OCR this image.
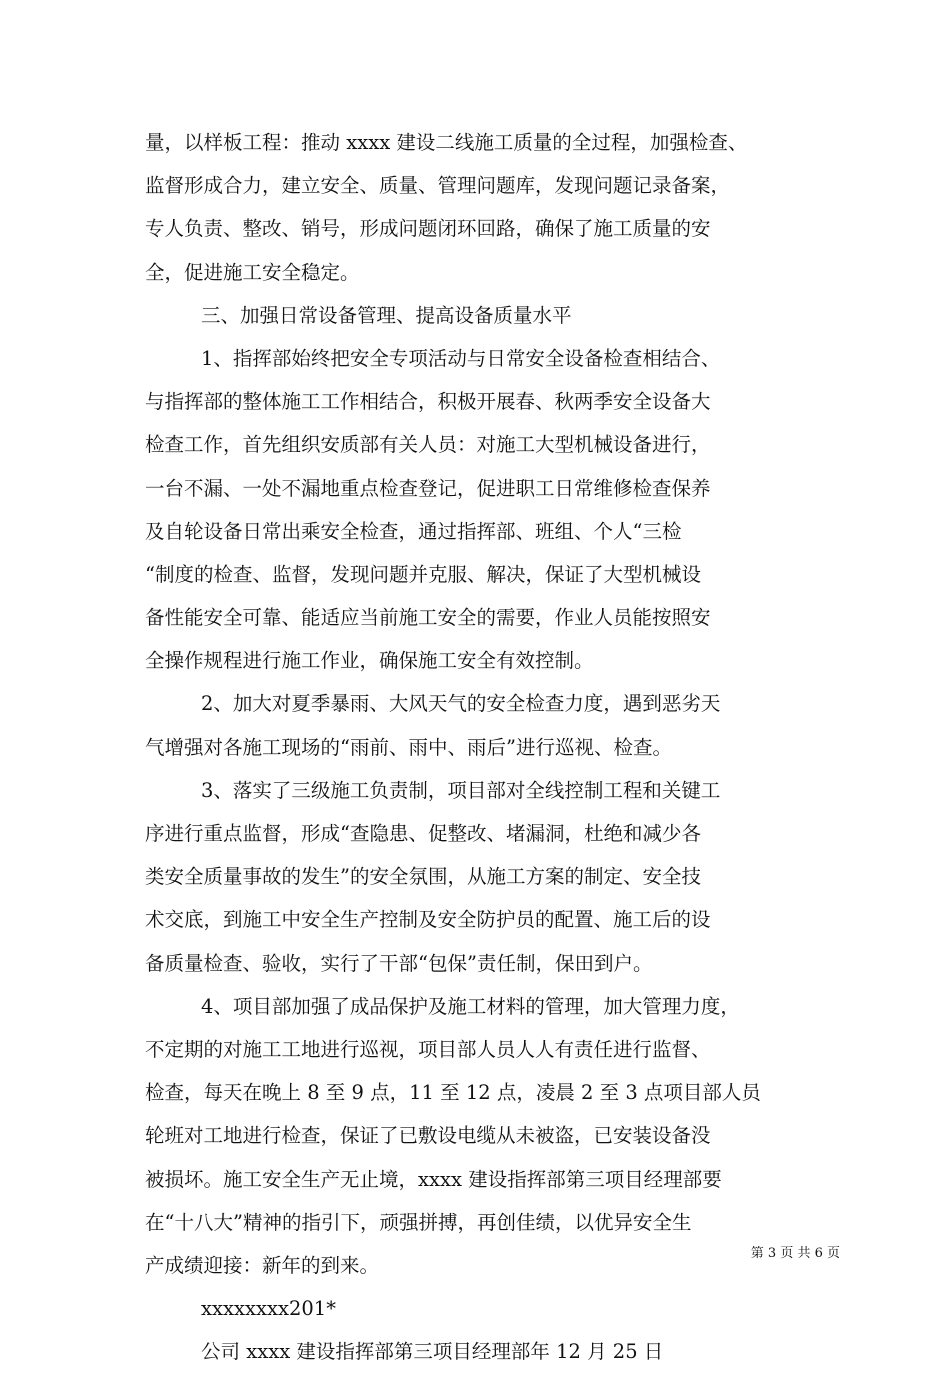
量，以样板工程：推动 xxxx 建设二线施工质量的全过程，加强检查、
监督形成合力，建立安全、质量、管理问题库，发现问题记录备案，
专人负责、整改、销号，形成问题闭环回路，确保了施工质量的安
全，促进施工安全稳定。
三、加强日常设备管理、提高设备质量水平
1、指挥部始终把安全专项活动与日常安全设备检查相结合、
与指挥部的整体施工工作相结合，积极开展春、秋两季安全设备大
检查工作，首先组织安质部有关人员：对施工大型机械设备进行，
一台不漏、一处不漏地重点检查登记，促进职工日常维修检查保养
及自轮设备日常出乘安全检查，通过指挥部、班组、个人“三检
“制度的检查、监督，发现问题并克服、解决，保证了大型机械设
备性能安全可靠、能适应当前施工安全的需要，作业人员能按照安
全操作规程进行施工作业，确保施工安全有效控制。
2、加大对夏季暴雨、大风天气的安全检查力度，遇到恶劣天
气增强对各施工现场的“雨前、雨中、雨后”进行巡视、检查。
3、落实了三级施工负责制，项目部对全线控制工程和关键工
序进行重点监督，形成“查隐患、促整改、堵漏洞，杜绝和减少各
类安全质量事故的发生”的安全氛围，从施工方案的制定、安全技
术交底，到施工中安全生产控制及安全防护员的配置、施工后的设
备质量检查、验收，实行了干部“包保”责任制，保田到户。
4、项目部加强了成品保护及施工材料的管理，加大管理力度，
不定期的对施工工地进行巡视，项目部人员人人有责任进行监督、
检查，每天在晚上 8 至 9 点，11 至 12 点，凌晨 2 至 3 点项目部人员
轮班对工地进行检查，保证了已敷设电缆从未被盗，已安装设备没
被损坏。施工安全生产无止境，xxxx 建设指挥部第三项目经理部要
在“十八大”精神的指引下，顽强拼搏，再创佳绩，以优异安全生
产成绩迎接：新年的到来。
xxxxxxxx201*
公司 xxxx 建设指挥部第三项目经理部年 12 月 25 日
第 3 页 共 6 页
